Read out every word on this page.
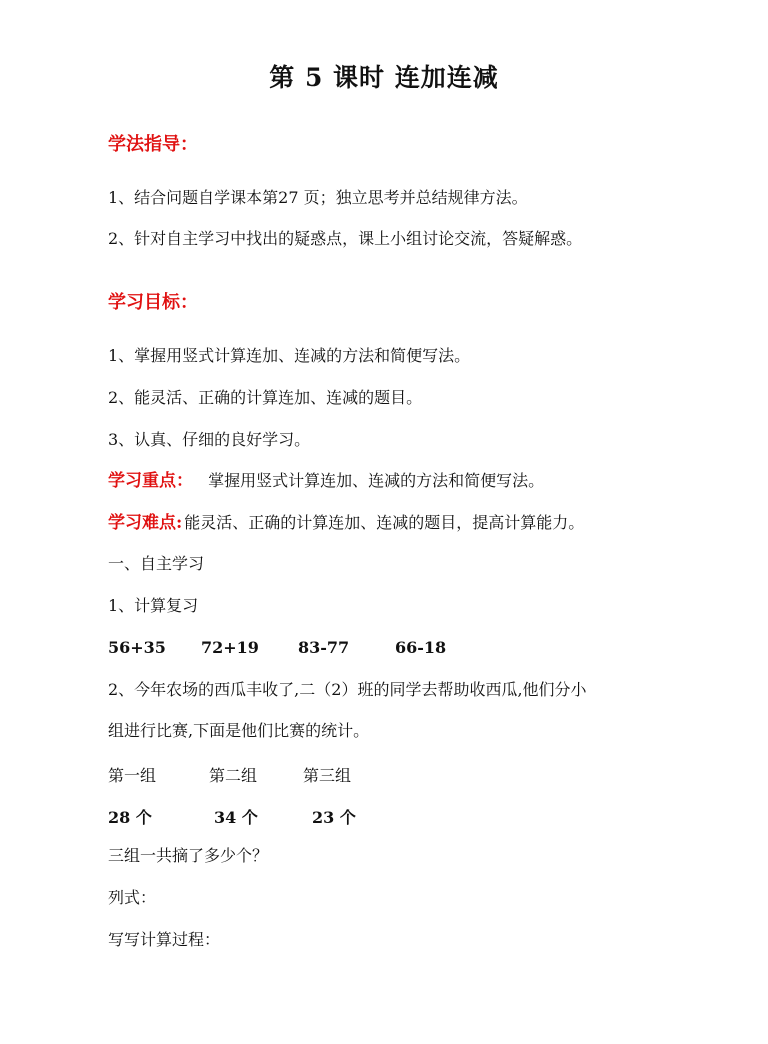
第 5 课时 连加连减
学法指导：
1、结合问题自学课本第27 页；独立思考并总结规律方法。
2、针对自主学习中找出的疑惑点，课上小组讨论交流，答疑解惑。
学习目标：
1、掌握用竖式计算连加、连减的方法和简便写法。
2、能灵活、正确的计算连加、连减的题目。
3、认真、仔细的良好学习。
学习重点： 掌握用竖式计算连加、连减的方法和简便写法。
学习难点: 能灵活、正确的计算连加、连减的题目，提高计算能力。
一、自主学习
1、计算复习
56+35 72+19 83-77	66-18
2、今年农场的西瓜丰收了,二（2）班的同学去帮助收西瓜,他们分小
组进行比赛,下面是他们比赛的统计。
第一组	第二组	第三组
28 个	34 个	23 个
三组一共摘了多少个？
列式：
写写计算过程：
